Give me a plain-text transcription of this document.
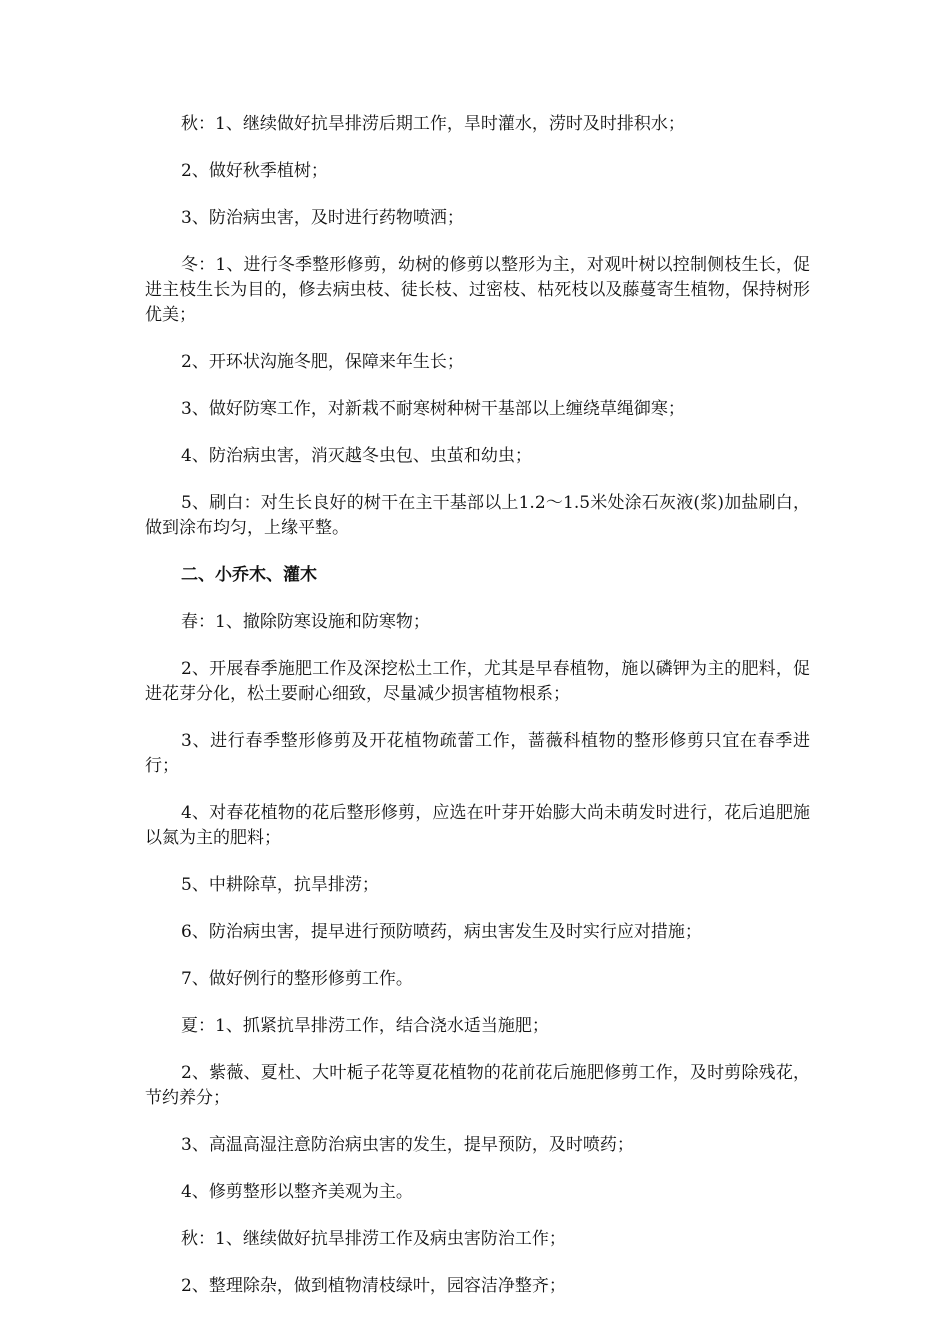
秋：1、继续做好抗旱排涝后期工作，旱时灌水，涝时及时排积水；

2、做好秋季植树；

3、防治病虫害，及时进行药物喷洒；

冬：1、进行冬季整形修剪，幼树的修剪以整形为主，对观叶树以控制侧枝生长，促进主枝生长为目的，修去病虫枝、徒长枝、过密枝、枯死枝以及藤蔓寄生植物，保持树形优美；

2、开环状沟施冬肥，保障来年生长；

3、做好防寒工作，对新栽不耐寒树种树干基部以上缠绕草绳御寒；

4、防治病虫害，消灭越冬虫包、虫茧和幼虫；

5、刷白：对生长良好的树干在主干基部以上1.2～1.5米处涂石灰液(浆)加盐刷白，做到涂布均匀，上缘平整。

二、小乔木、灌木

春：1、撤除防寒设施和防寒物；

2、开展春季施肥工作及深挖松土工作，尤其是早春植物，施以磷钾为主的肥料，促进花芽分化，松土要耐心细致，尽量减少损害植物根系；

3、进行春季整形修剪及开花植物疏蕾工作，蔷薇科植物的整形修剪只宜在春季进行；

4、对春花植物的花后整形修剪，应选在叶芽开始膨大尚未萌发时进行，花后追肥施以氮为主的肥料；

5、中耕除草，抗旱排涝；

6、防治病虫害，提早进行预防喷药，病虫害发生及时实行应对措施；

7、做好例行的整形修剪工作。

夏：1、抓紧抗旱排涝工作，结合浇水适当施肥；

2、紫薇、夏杜、大叶栀子花等夏花植物的花前花后施肥修剪工作，及时剪除残花，节约养分；

3、高温高湿注意防治病虫害的发生，提早预防，及时喷药；

4、修剪整形以整齐美观为主。

秋：1、继续做好抗旱排涝工作及病虫害防治工作；

2、整理除杂，做到植物清枝绿叶，园容洁净整齐；
